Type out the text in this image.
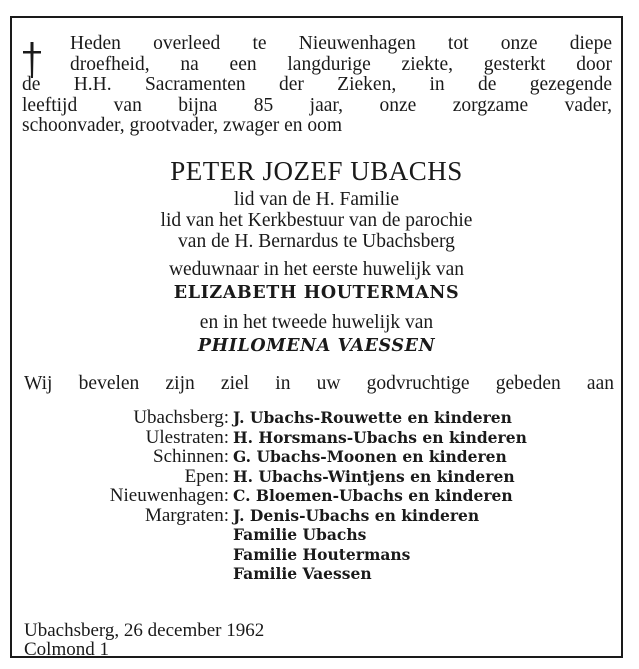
Heden overleed te Nieuwenhagen tot onze diepe
droefheid, na een langdurige ziekte, gesterkt door
de H.H. Sacramenten der Zieken, in de gezegende
leeftijd van bijna 85 jaar, onze zorgzame vader,
schoonvader, grootvader, zwager en oom
PETER JOZEF UBACHS
lid van de H. Familie
lid van het Kerkbestuur van de parochie
van de H. Bernardus te Ubachsberg
weduwnaar in het eerste huwelijk van
ELIZABETH HOUTERMANS
en in het tweede huwelijk van
PHILOMENA VAESSEN
Wij bevelen zijn ziel in uw godvruchtige gebeden aan
Ubachsberg: J. Ubachs-Rouwette en kinderen
Ulestraten: H. Horsmans-Ubachs en kinderen
Schinnen: G. Ubachs-Moonen en kinderen
Epen: H. Ubachs-Wintjens en kinderen
Nieuwenhagen: C. Bloemen-Ubachs en kinderen
Margraten: J. Denis-Ubachs en kinderen
Familie Ubachs
Familie Houtermans
Familie Vaessen
Ubachsberg, 26 december 1962
Colmond 1
